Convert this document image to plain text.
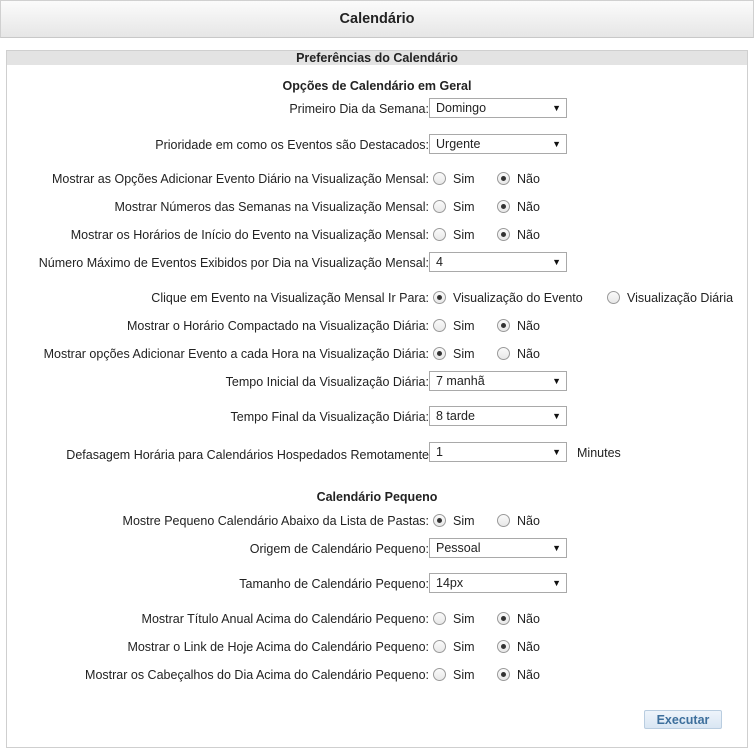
Calendário
Preferências do Calendário
Opções de Calendário em Geral
Primeiro Dia da Semana: Domingo	▼
Prioridade em como os Eventos são Destacados: Urgente	▼
Mostrar as Opções Adicionar Evento Diário na Visualização Mensal: Sim	Não
Mostrar Números das Semanas na Visualização Mensal: Sim	Não
Mostrar os Horários de Início do Evento na Visualização Mensal: Sim	Não
Número Máximo de Eventos Exibidos por Dia na Visualização Mensal: 4	▼
Clique em Evento na Visualização Mensal Ir Para: Visualização do Evento	Visualização Diária
Mostrar o Horário Compactado na Visualização Diária: Sim	Não
Mostrar opções Adicionar Evento a cada Hora na Visualização Diária: Sim	Não
Tempo Inicial da Visualização Diária: 7 manhã	▼
Tempo Final da Visualização Diária: 8 tarde	▼
Defasagem Horária para Calendários Hospedados Remotamente 1	▼ Minutes
Calendário Pequeno
Mostre Pequeno Calendário Abaixo da Lista de Pastas: Sim	Não
Origem de Calendário Pequeno: Pessoal	▼
Tamanho de Calendário Pequeno: 14px	▼
Mostrar Título Anual Acima do Calendário Pequeno: Sim	Não
Mostrar o Link de Hoje Acima do Calendário Pequeno: Sim	Não
Mostrar os Cabeçalhos do Dia Acima do Calendário Pequeno: Sim	Não
Executar
